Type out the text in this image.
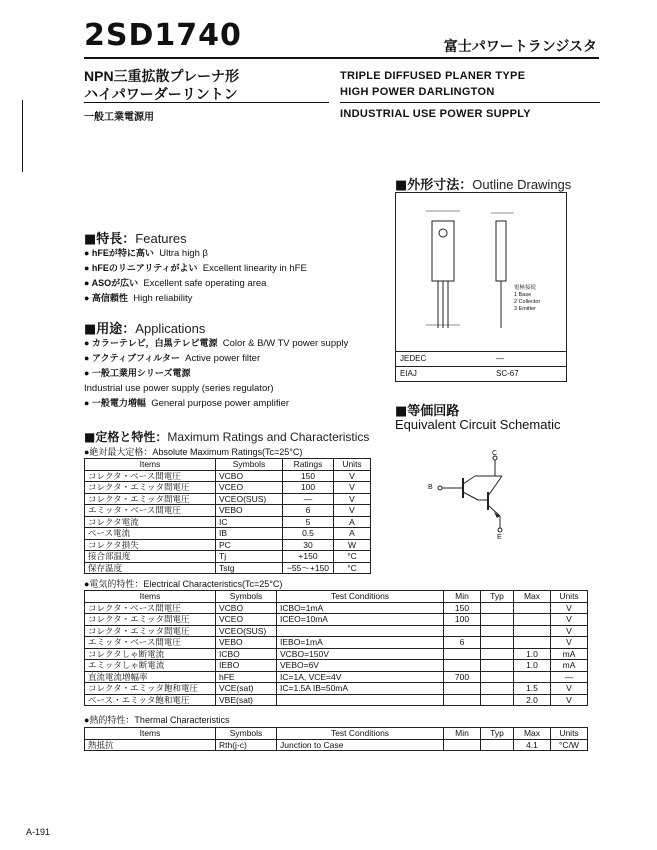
2SD1740	富士パワートランジスタ
NPN三重拡散プレーナ形
ハイパワーダーリントン
一般工業電源用
TRIPLE DIFFUSED PLANER TYPE
HIGH POWER DARLINGTON
INDUSTRIAL USE POWER SUPPLY
■外形寸法：Outline Drawings
電極接続
1 Base
2 Collector
3 Emitter
JEDEC	—
EIAJ	SC-67
■特長：Features
● hFEが特に高い Ultra high β
● hFEのリニアリティがよい Excellent linearity in hFE
● ASOが広い Excellent safe operating area
● 高信頼性 High reliability
■用途：Applications
● カラーテレビ，白黒テレビ電源 Color & B/W TV power supply
● アクティブフィルター Active power filter
● 一般工業用シリーズ電源
Industrial use power supply (series regulator)
● 一般電力増幅 General purpose power amplifier
■等価回路
Equivalent Circuit Schematic
C
B
E
■定格と特性：Maximum Ratings and Characteristics
●絶対最大定格：Absolute Maximum Ratings(Tc=25°C)
Items	Symbols	Ratings	Units
コレクタ・ベース間電圧	VCBO	150	V
コレクタ・エミッタ間電圧	VCEO	100	V
コレクタ・エミッタ間電圧	VCEO(SUS)	—	V
エミッタ・ベース間電圧	VEBO	6	V
コレクタ電流	IC	5	A
ベース電流	IB	0.5	A
コレクタ損失	PC	30	W
接合部温度	Tj	+150	°C
保存温度	Tstg	−55〜+150	°C
●電気的特性：Electrical Characteristics(Tc=25°C)
Items	Symbols	Test Conditions	Min	Typ	Max	Units
コレクタ・ベース間電圧	VCBO	ICBO=1mA	150			V
コレクタ・エミッタ間電圧	VCEO	ICEO=10mA	100			V
コレクタ・エミッタ間電圧	VCEO(SUS)					V
エミッタ・ベース間電圧	VEBO	IEBO=1mA	6			V
コレクタしゃ断電流	ICBO	VCBO=150V			1.0	mA
エミッタしゃ断電流	IEBO	VEBO=6V			1.0	mA
直流電流増幅率	hFE	IC=1A, VCE=4V	700			—
コレクタ・エミッタ飽和電圧	VCE(sat)	IC=1.5A IB=50mA			1.5	V
ベース・エミッタ飽和電圧	VBE(sat)				2.0	V
●熱的特性：Thermal Characteristics
Items	Symbols	Test Conditions	Min	Typ	Max	Units
熱抵抗	Rth(j-c)	Junction to Case			4.1	°C/W
A-191
